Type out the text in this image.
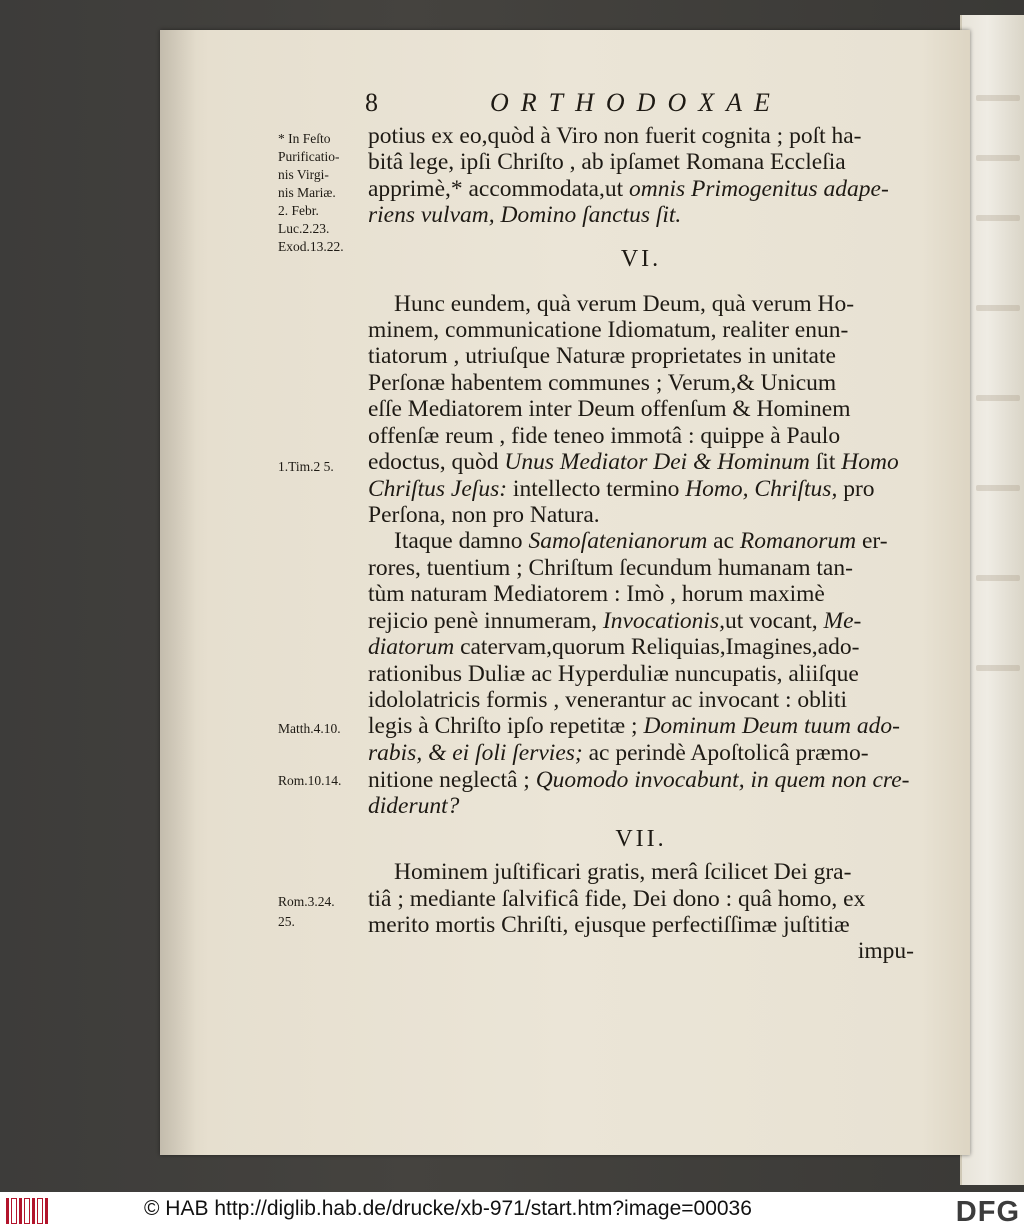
8	ORTHODOXAE
potius ex eo,quòd à Viro non fuerit cognita ; poſt ha-
bitâ lege, ipſi Chriſto , ab ipſamet Romana Eccleſia
apprimè,* accommodata,ut omnis Primogenitus adape-
riens vulvam, Domino ſanctus ſit.
VI.
Hunc eundem, quà verum Deum, quà verum Ho-
minem, communicatione Idiomatum, realiter enun-
tiatorum , utriuſque Naturæ proprietates in unitate
Perſonæ habentem communes ; Verum,& Unicum
eſſe Mediatorem inter Deum offenſum & Hominem
offenſæ reum , fide teneo immotâ : quippe à Paulo
edoctus, quòd Unus Mediator Dei & Hominum ſit Homo
Chriſtus Jeſus: intellecto termino Homo, Chriſtus, pro
Perſona, non pro Natura.
Itaque damno Samoſatenianorum ac Romanorum er-
rores, tuentium ; Chriſtum ſecundum humanam tan-
tùm naturam Mediatorem : Imò , horum maximè
rejicio penè innumeram, Invocationis,ut vocant, Me-
diatorum catervam,quorum Reliquias,Imagines,ado-
rationibus Duliæ ac Hyperduliæ nuncupatis, aliiſque
idololatricis formis , venerantur ac invocant : obliti
legis à Chriſto ipſo repetitæ ; Dominum Deum tuum ado-
rabis, & ei ſoli ſervies; ac perindè Apoſtolicâ præmo-
nitione neglectâ ; Quomodo invocabunt, in quem non cre-
diderunt?
VII.
Hominem juſtificari gratis, merâ ſcilicet Dei gra-
tiâ ; mediante ſalvificâ fide, Dei dono : quâ homo, ex
merito mortis Chriſti, ejusque perfectiſſimæ juſtitiæ
impu-
* In Feſto
Purificatio-
nis Virgi-
nis Mariæ.
2. Febr.
Luc.2.23.
Exod.13.22.
1.Tim.2 5.
Matth.4.10.
Rom.10.14.
Rom.3.24.
25.
© HAB http://diglib.hab.de/drucke/xb-971/start.htm?image=00036	DFG
